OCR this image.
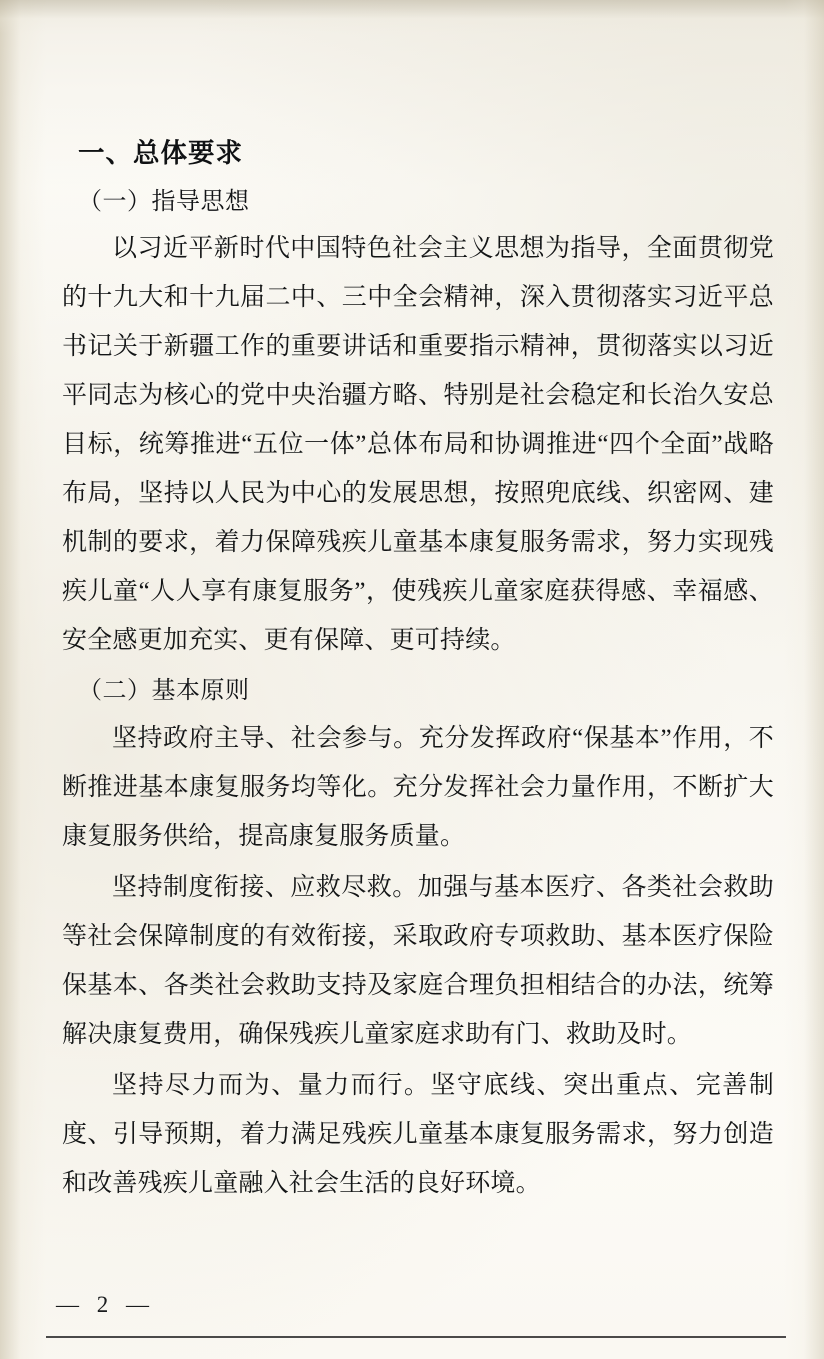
一、总体要求
（一）指导思想

以习近平新时代中国特色社会主义思想为指导，全面贯彻党的十九大和十九届二中、三中全会精神，深入贯彻落实习近平总书记关于新疆工作的重要讲话和重要指示精神，贯彻落实以习近平同志为核心的党中央治疆方略、特别是社会稳定和长治久安总目标，统筹推进“五位一体”总体布局和协调推进“四个全面”战略布局，坚持以人民为中心的发展思想，按照兜底线、织密网、建机制的要求，着力保障残疾儿童基本康复服务需求，努力实现残疾儿童“人人享有康复服务”，使残疾儿童家庭获得感、幸福感、安全感更加充实、更有保障、更可持续。

（二）基本原则

坚持政府主导、社会参与。充分发挥政府“保基本”作用，不断推进基本康复服务均等化。充分发挥社会力量作用，不断扩大康复服务供给，提高康复服务质量。

坚持制度衔接、应救尽救。加强与基本医疗、各类社会救助等社会保障制度的有效衔接，采取政府专项救助、基本医疗保险保基本、各类社会救助支持及家庭合理负担相结合的办法，统筹解决康复费用，确保残疾儿童家庭求助有门、救助及时。

坚持尽力而为、量力而行。坚守底线、突出重点、完善制度、引导预期，着力满足残疾儿童基本康复服务需求，努力创造和改善残疾儿童融入社会生活的良好环境。

— 2 —
